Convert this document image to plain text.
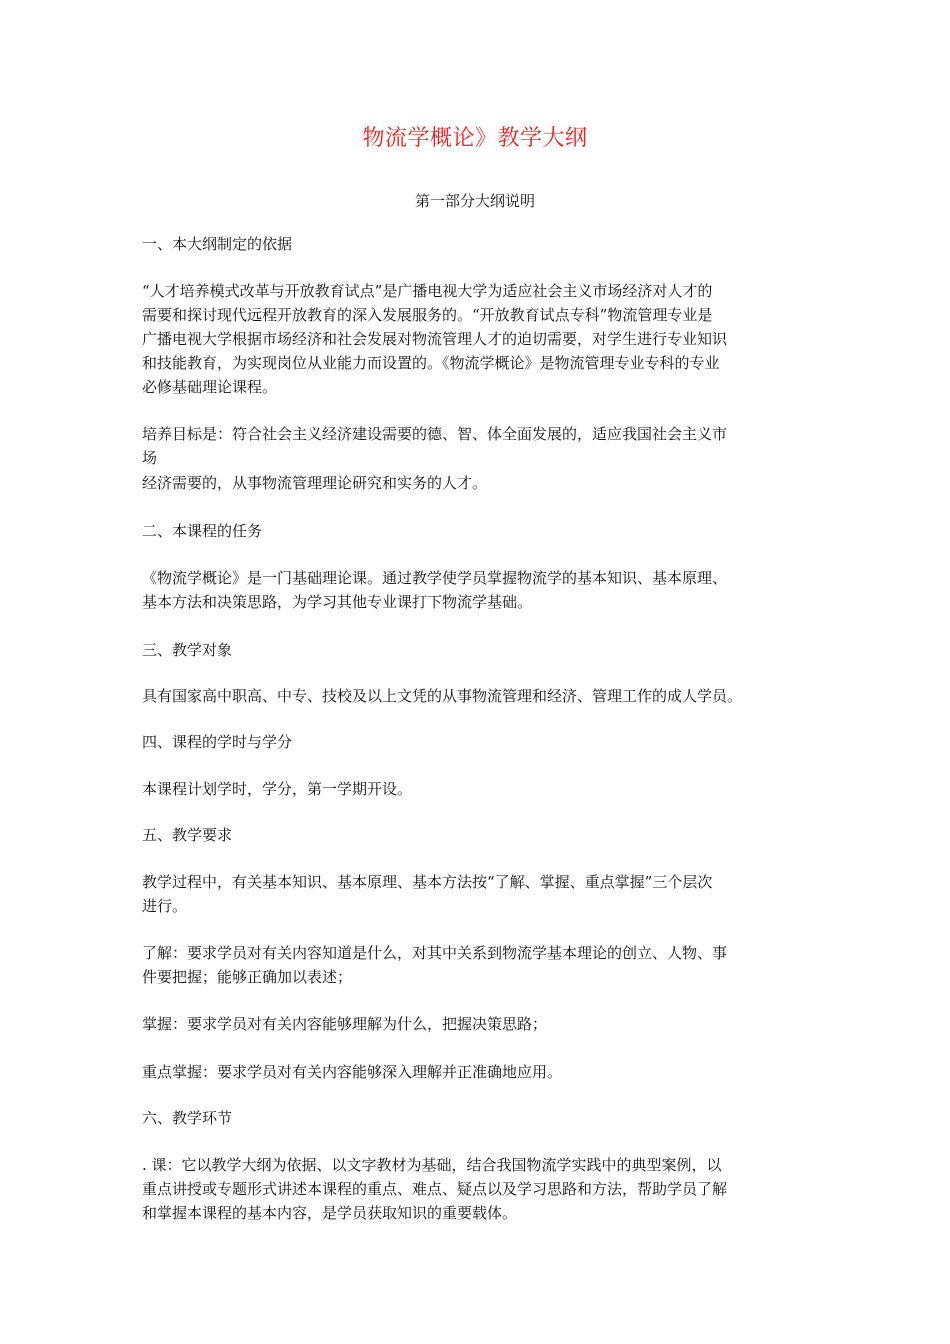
物流学概论》教学大纲
第一部分大纲说明
一、本大纲制定的依据
“人才培养模式改革与开放教育试点”是广播电视大学为适应社会主义市场经济对人才的
需要和探讨现代远程开放教育的深入发展服务的。“开放教育试点专科”物流管理专业是
广播电视大学根据市场经济和社会发展对物流管理人才的迫切需要，对学生进行专业知识
和技能教育，为实现岗位从业能力而设置的。《物流学概论》是物流管理专业专科的专业
必修基础理论课程。
培养目标是：符合社会主义经济建设需要的德、智、体全面发展的，适应我国社会主义市
场
经济需要的，从事物流管理理论研究和实务的人才。
二、本课程的任务
《物流学概论》是一门基础理论课。通过教学使学员掌握物流学的基本知识、基本原理、
基本方法和决策思路，为学习其他专业课打下物流学基础。
三、教学对象
具有国家高中职高、中专、技校及以上文凭的从事物流管理和经济、管理工作的成人学员。
四、课程的学时与学分
本课程计划学时，学分，第一学期开设。
五、教学要求
教学过程中，有关基本知识、基本原理、基本方法按“了解、掌握、重点掌握”三个层次
进行。
了解：要求学员对有关内容知道是什么，对其中关系到物流学基本理论的创立、人物、事
件要把握；能够正确加以表述；
掌握：要求学员对有关内容能够理解为什么，把握决策思路；
重点掌握：要求学员对有关内容能够深入理解并正准确地应用。
六、教学环节
. 课：它以教学大纲为依据、以文字教材为基础，结合我国物流学实践中的典型案例，以
重点讲授或专题形式讲述本课程的重点、难点、疑点以及学习思路和方法，帮助学员了解
和掌握本课程的基本内容，是学员获取知识的重要载体。
